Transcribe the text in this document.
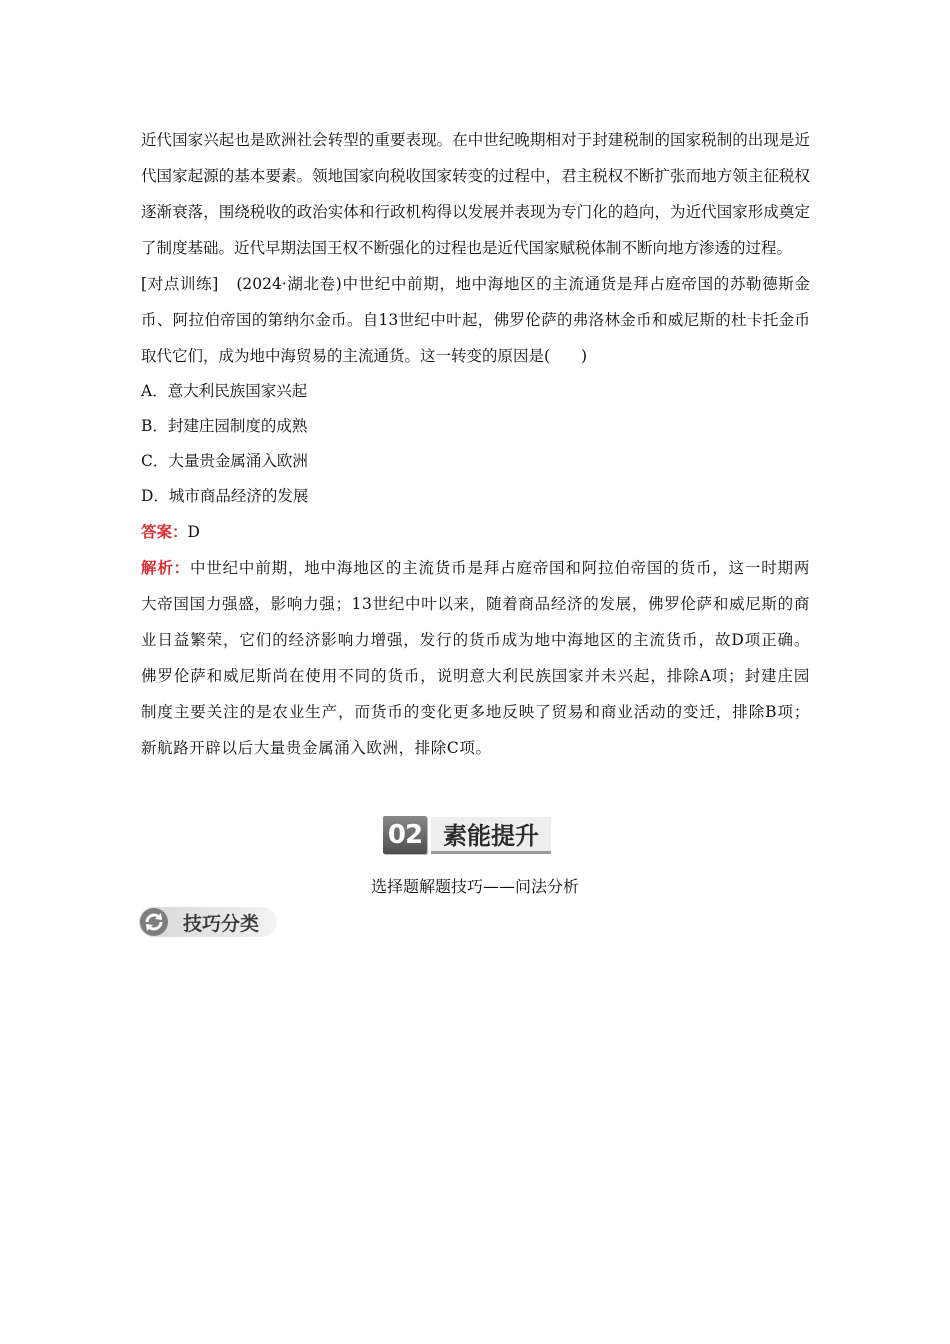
近代国家兴起也是欧洲社会转型的重要表现。在中世纪晚期相对于封建税制的国家税制的出现是近代国家起源的基本要素。领地国家向税收国家转变的过程中，君主税权不断扩张而地方领主征税权逐渐衰落，围绕税收的政治实体和行政机构得以发展并表现为专门化的趋向，为近代国家形成奠定了制度基础。近代早期法国王权不断强化的过程也是近代国家赋税体制不断向地方渗透的过程。

[对点训练] (2024·湖北卷)中世纪中前期，地中海地区的主流通货是拜占庭帝国的苏勒德斯金币、阿拉伯帝国的第纳尔金币。自13世纪中叶起，佛罗伦萨的弗洛林金币和威尼斯的杜卡托金币取代它们，成为地中海贸易的主流通货。这一转变的原因是(　　)

A．意大利民族国家兴起

B．封建庄园制度的成熟

C．大量贵金属涌入欧洲

D．城市商品经济的发展

答案：D

解析：中世纪中前期，地中海地区的主流货币是拜占庭帝国和阿拉伯帝国的货币，这一时期两大帝国国力强盛，影响力强；13世纪中叶以来，随着商品经济的发展，佛罗伦萨和威尼斯的商业日益繁荣，它们的经济影响力增强，发行的货币成为地中海地区的主流货币，故D项正确。佛罗伦萨和威尼斯尚在使用不同的货币，说明意大利民族国家并未兴起，排除A项；封建庄园制度主要关注的是农业生产，而货币的变化更多地反映了贸易和商业活动的变迁，排除B项；新航路开辟以后大量贵金属涌入欧洲，排除C项。

02 素能提升
选择题解题技巧——问法分析
技巧分类
